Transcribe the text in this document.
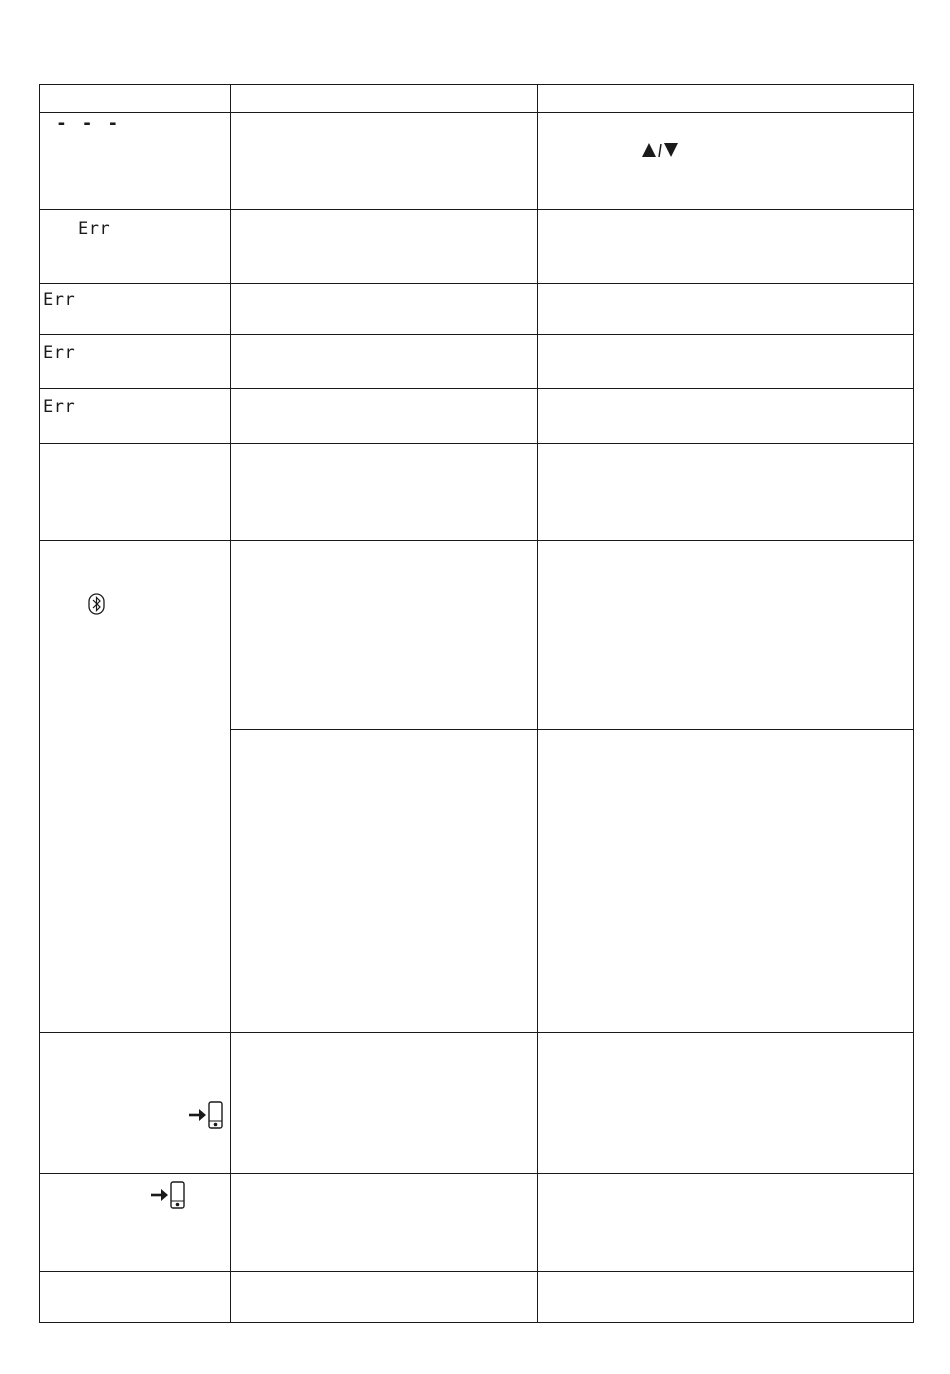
- - -
Err
Err
Err
Err
